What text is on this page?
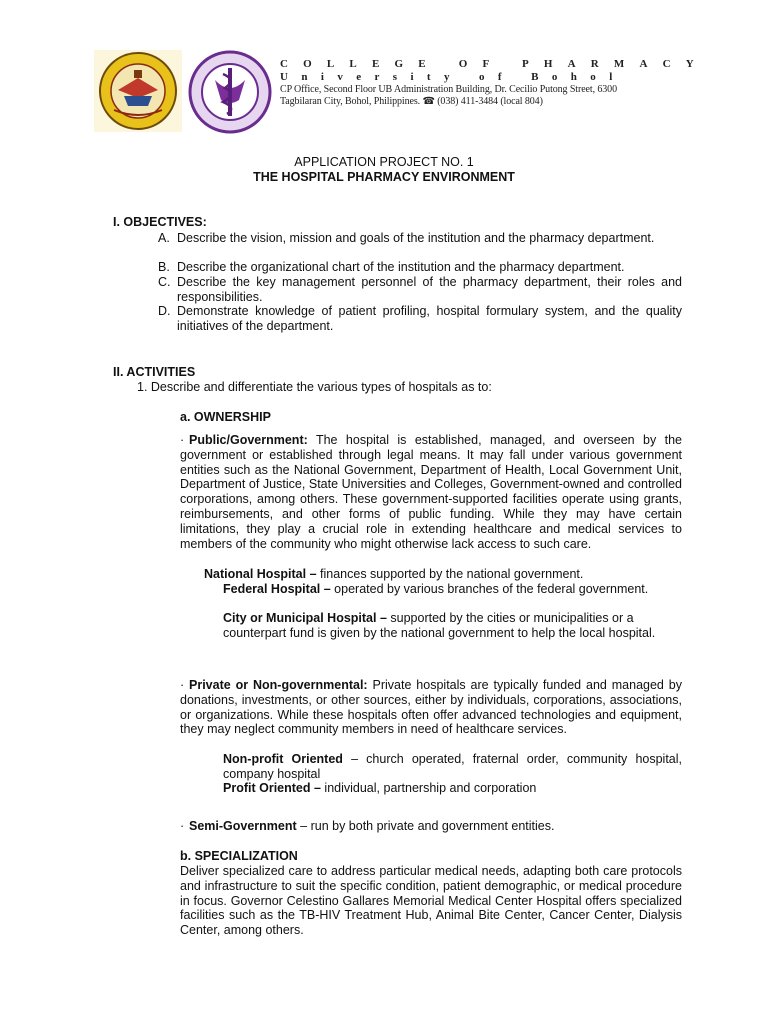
COLLEGE OF PHARMACY
University of Bohol
CP Office, Second Floor UB Administration Building, Dr. Cecilio Putong Street, 6300
Tagbilaran City, Bohol, Philippines. ☎ (038) 411-3484 (local 804)
APPLICATION PROJECT NO. 1
THE HOSPITAL PHARMACY ENVIRONMENT
I. OBJECTIVES:
A. Describe the vision, mission and goals of the institution and the pharmacy department.
B. Describe the organizational chart of the institution and the pharmacy department.
C. Describe the key management personnel of the pharmacy department, their roles and responsibilities.
D. Demonstrate knowledge of patient profiling, hospital formulary system, and the quality initiatives of the department.
II. ACTIVITIES
1. Describe and differentiate the various types of hospitals as to:
a. OWNERSHIP
· Public/Government: The hospital is established, managed, and overseen by the government or established through legal means. It may fall under various government entities such as the National Government, Department of Health, Local Government Unit, Department of Justice, State Universities and Colleges, Government-owned and controlled corporations, among others. These government-supported facilities operate using grants, reimbursements, and other forms of public funding. While they may have certain limitations, they play a crucial role in extending healthcare and medical services to members of the community who might otherwise lack access to such care.
National Hospital – finances supported by the national government.
Federal Hospital – operated by various branches of the federal government.
City or Municipal Hospital – supported by the cities or municipalities or a counterpart fund is given by the national government to help the local hospital.
· Private or Non-governmental: Private hospitals are typically funded and managed by donations, investments, or other sources, either by individuals, corporations, associations, or organizations. While these hospitals often offer advanced technologies and equipment, they may neglect community members in need of healthcare services.
Non-profit Oriented – church operated, fraternal order, community hospital, company hospital
Profit Oriented – individual, partnership and corporation
· Semi-Government – run by both private and government entities.
b. SPECIALIZATION
Deliver specialized care to address particular medical needs, adapting both care protocols and infrastructure to suit the specific condition, patient demographic, or medical procedure in focus. Governor Celestino Gallares Memorial Medical Center Hospital offers specialized facilities such as the TB-HIV Treatment Hub, Animal Bite Center, Cancer Center, Dialysis Center, among others.
